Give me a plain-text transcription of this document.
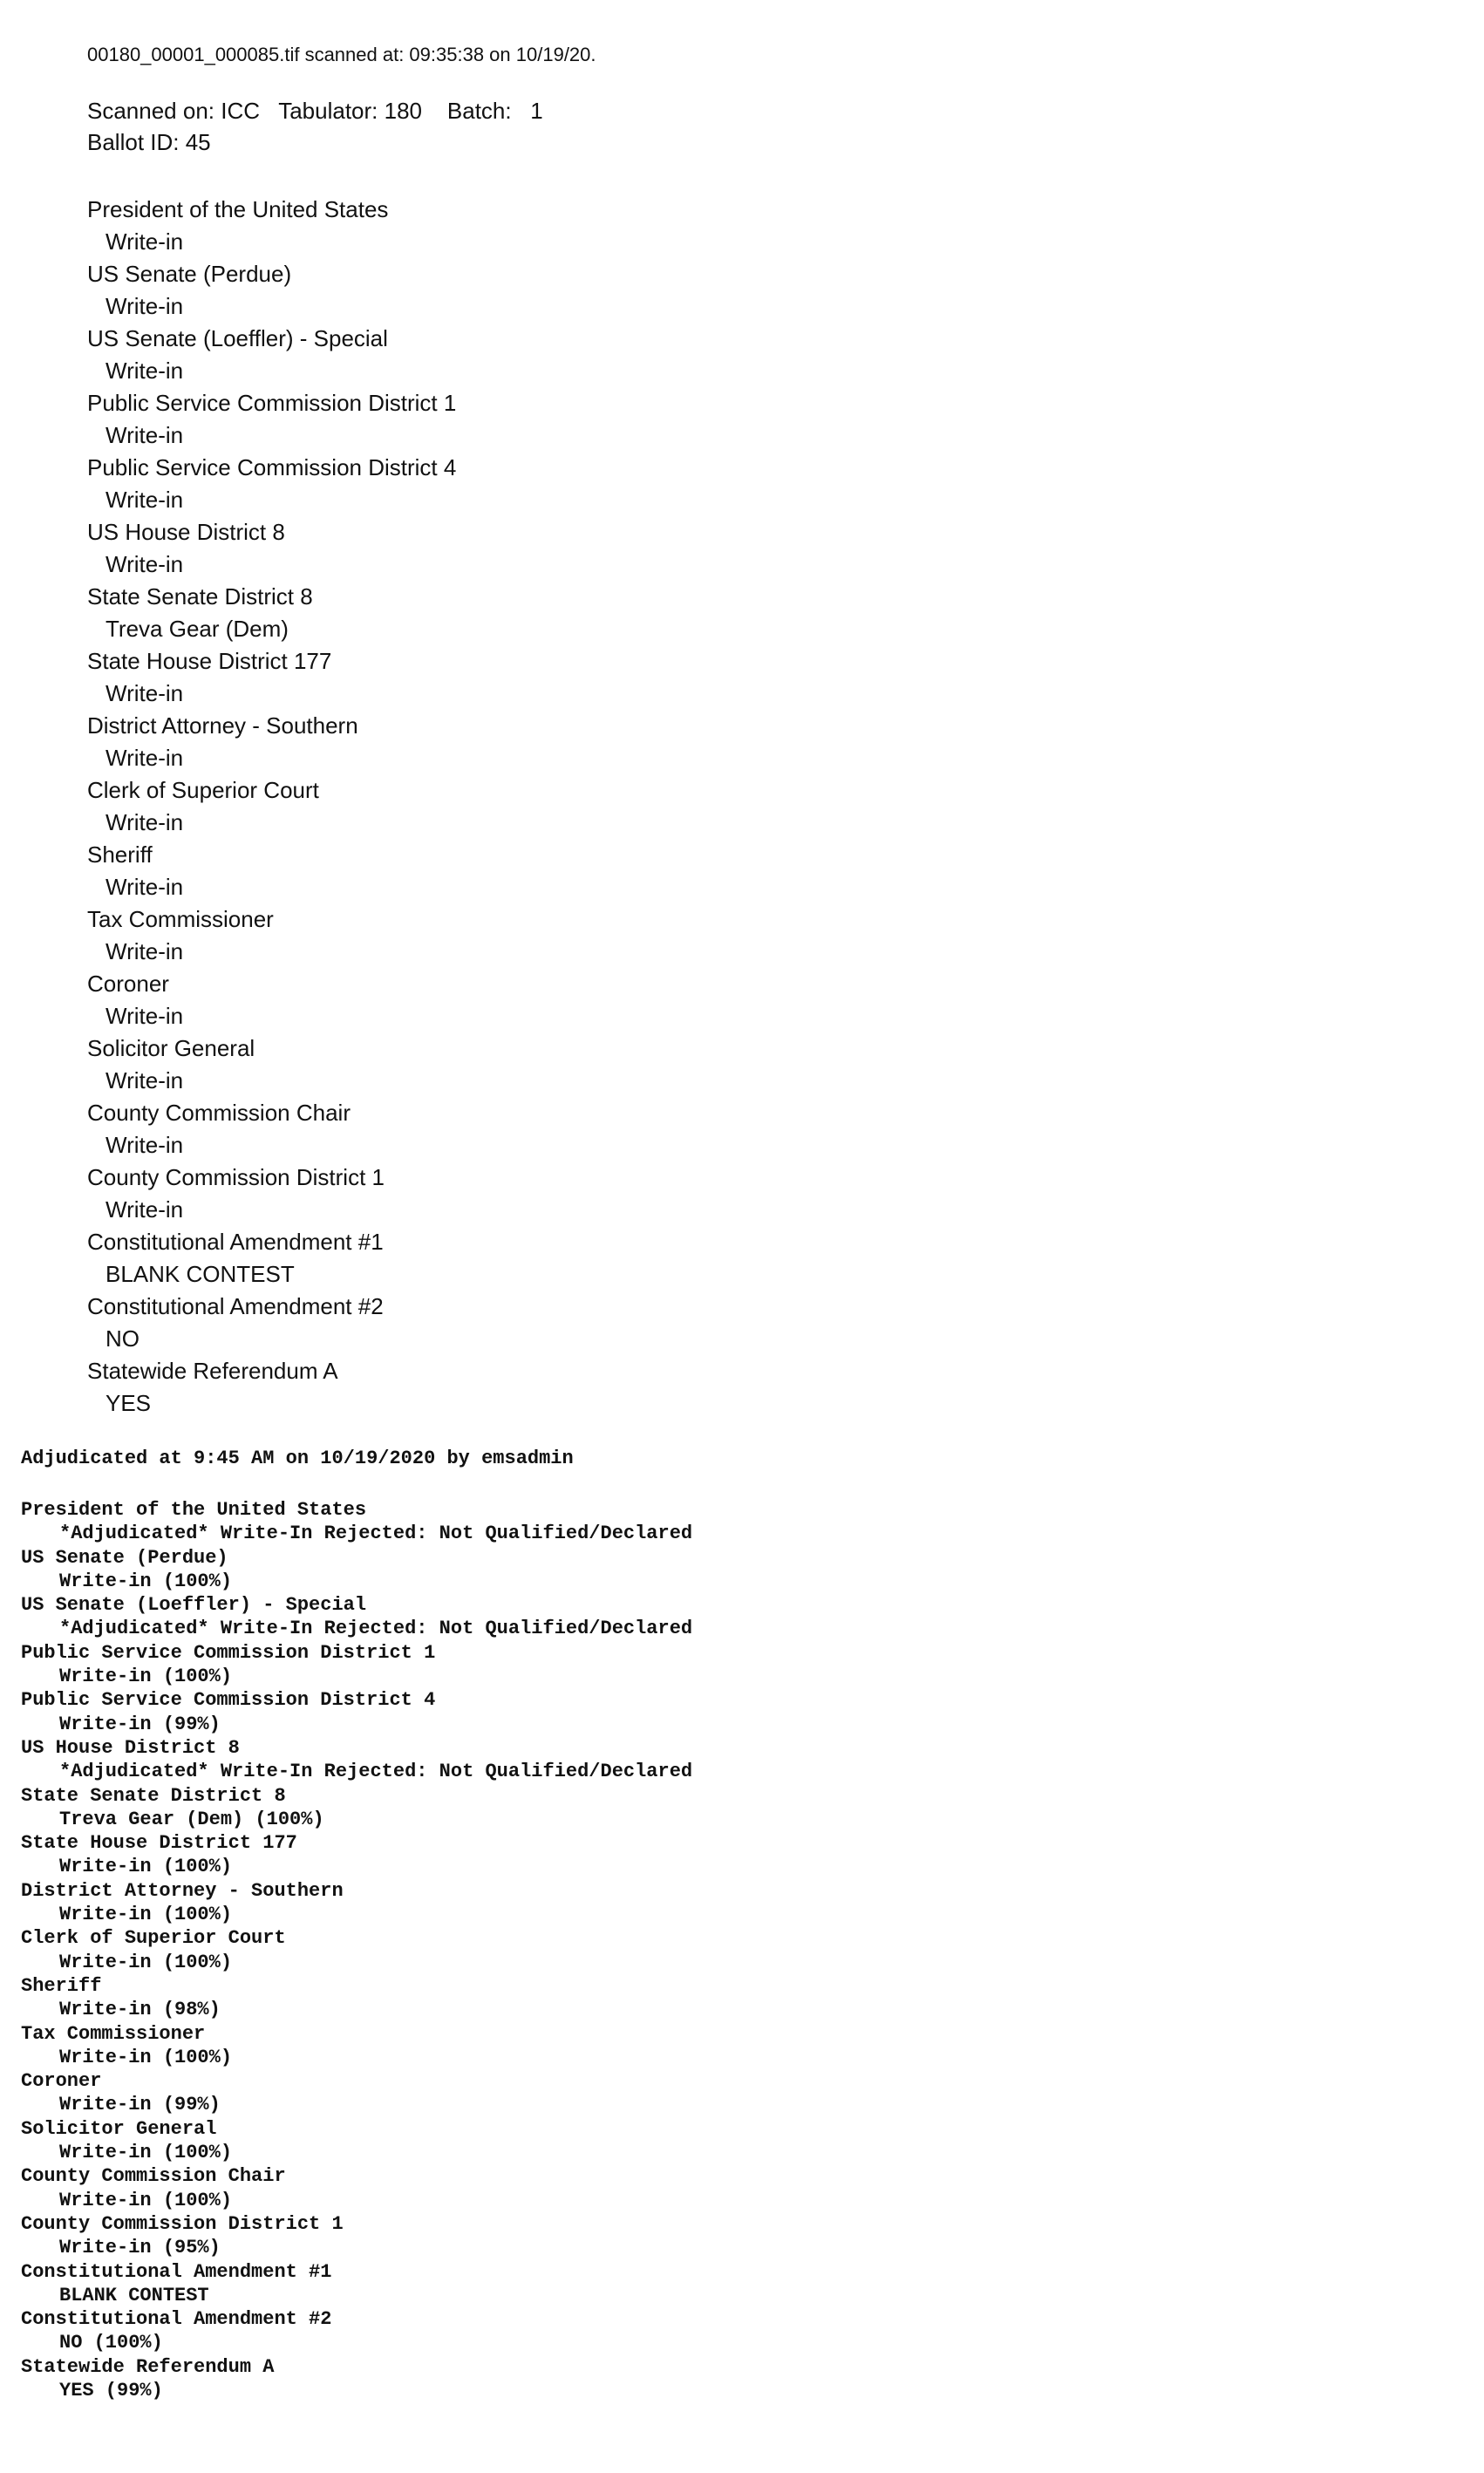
00180_00001_000085.tif scanned at: 09:35:38 on 10/19/20.
Scanned on: ICC   Tabulator: 180    Batch:   1
Ballot ID: 45
President of the United States
Write-in
US Senate (Perdue)
Write-in
US Senate (Loeffler) - Special
Write-in
Public Service Commission District 1
Write-in
Public Service Commission District 4
Write-in
US House District 8
Write-in
State Senate District 8
Treva Gear (Dem)
State House District 177
Write-in
District Attorney - Southern
Write-in
Clerk of Superior Court
Write-in
Sheriff
Write-in
Tax Commissioner
Write-in
Coroner
Write-in
Solicitor General
Write-in
County Commission Chair
Write-in
County Commission District 1
Write-in
Constitutional Amendment #1
BLANK CONTEST
Constitutional Amendment #2
NO
Statewide Referendum A
YES
Adjudicated at 9:45 AM on 10/19/2020 by emsadmin
President of the United States
*Adjudicated* Write-In Rejected: Not Qualified/Declared
US Senate (Perdue)
Write-in (100%)
US Senate (Loeffler) - Special
*Adjudicated* Write-In Rejected: Not Qualified/Declared
Public Service Commission District 1
Write-in (100%)
Public Service Commission District 4
Write-in (99%)
US House District 8
*Adjudicated* Write-In Rejected: Not Qualified/Declared
State Senate District 8
Treva Gear (Dem) (100%)
State House District 177
Write-in (100%)
District Attorney - Southern
Write-in (100%)
Clerk of Superior Court
Write-in (100%)
Sheriff
Write-in (98%)
Tax Commissioner
Write-in (100%)
Coroner
Write-in (99%)
Solicitor General
Write-in (100%)
County Commission Chair
Write-in (100%)
County Commission District 1
Write-in (95%)
Constitutional Amendment #1
BLANK CONTEST
Constitutional Amendment #2
NO (100%)
Statewide Referendum A
YES (99%)
